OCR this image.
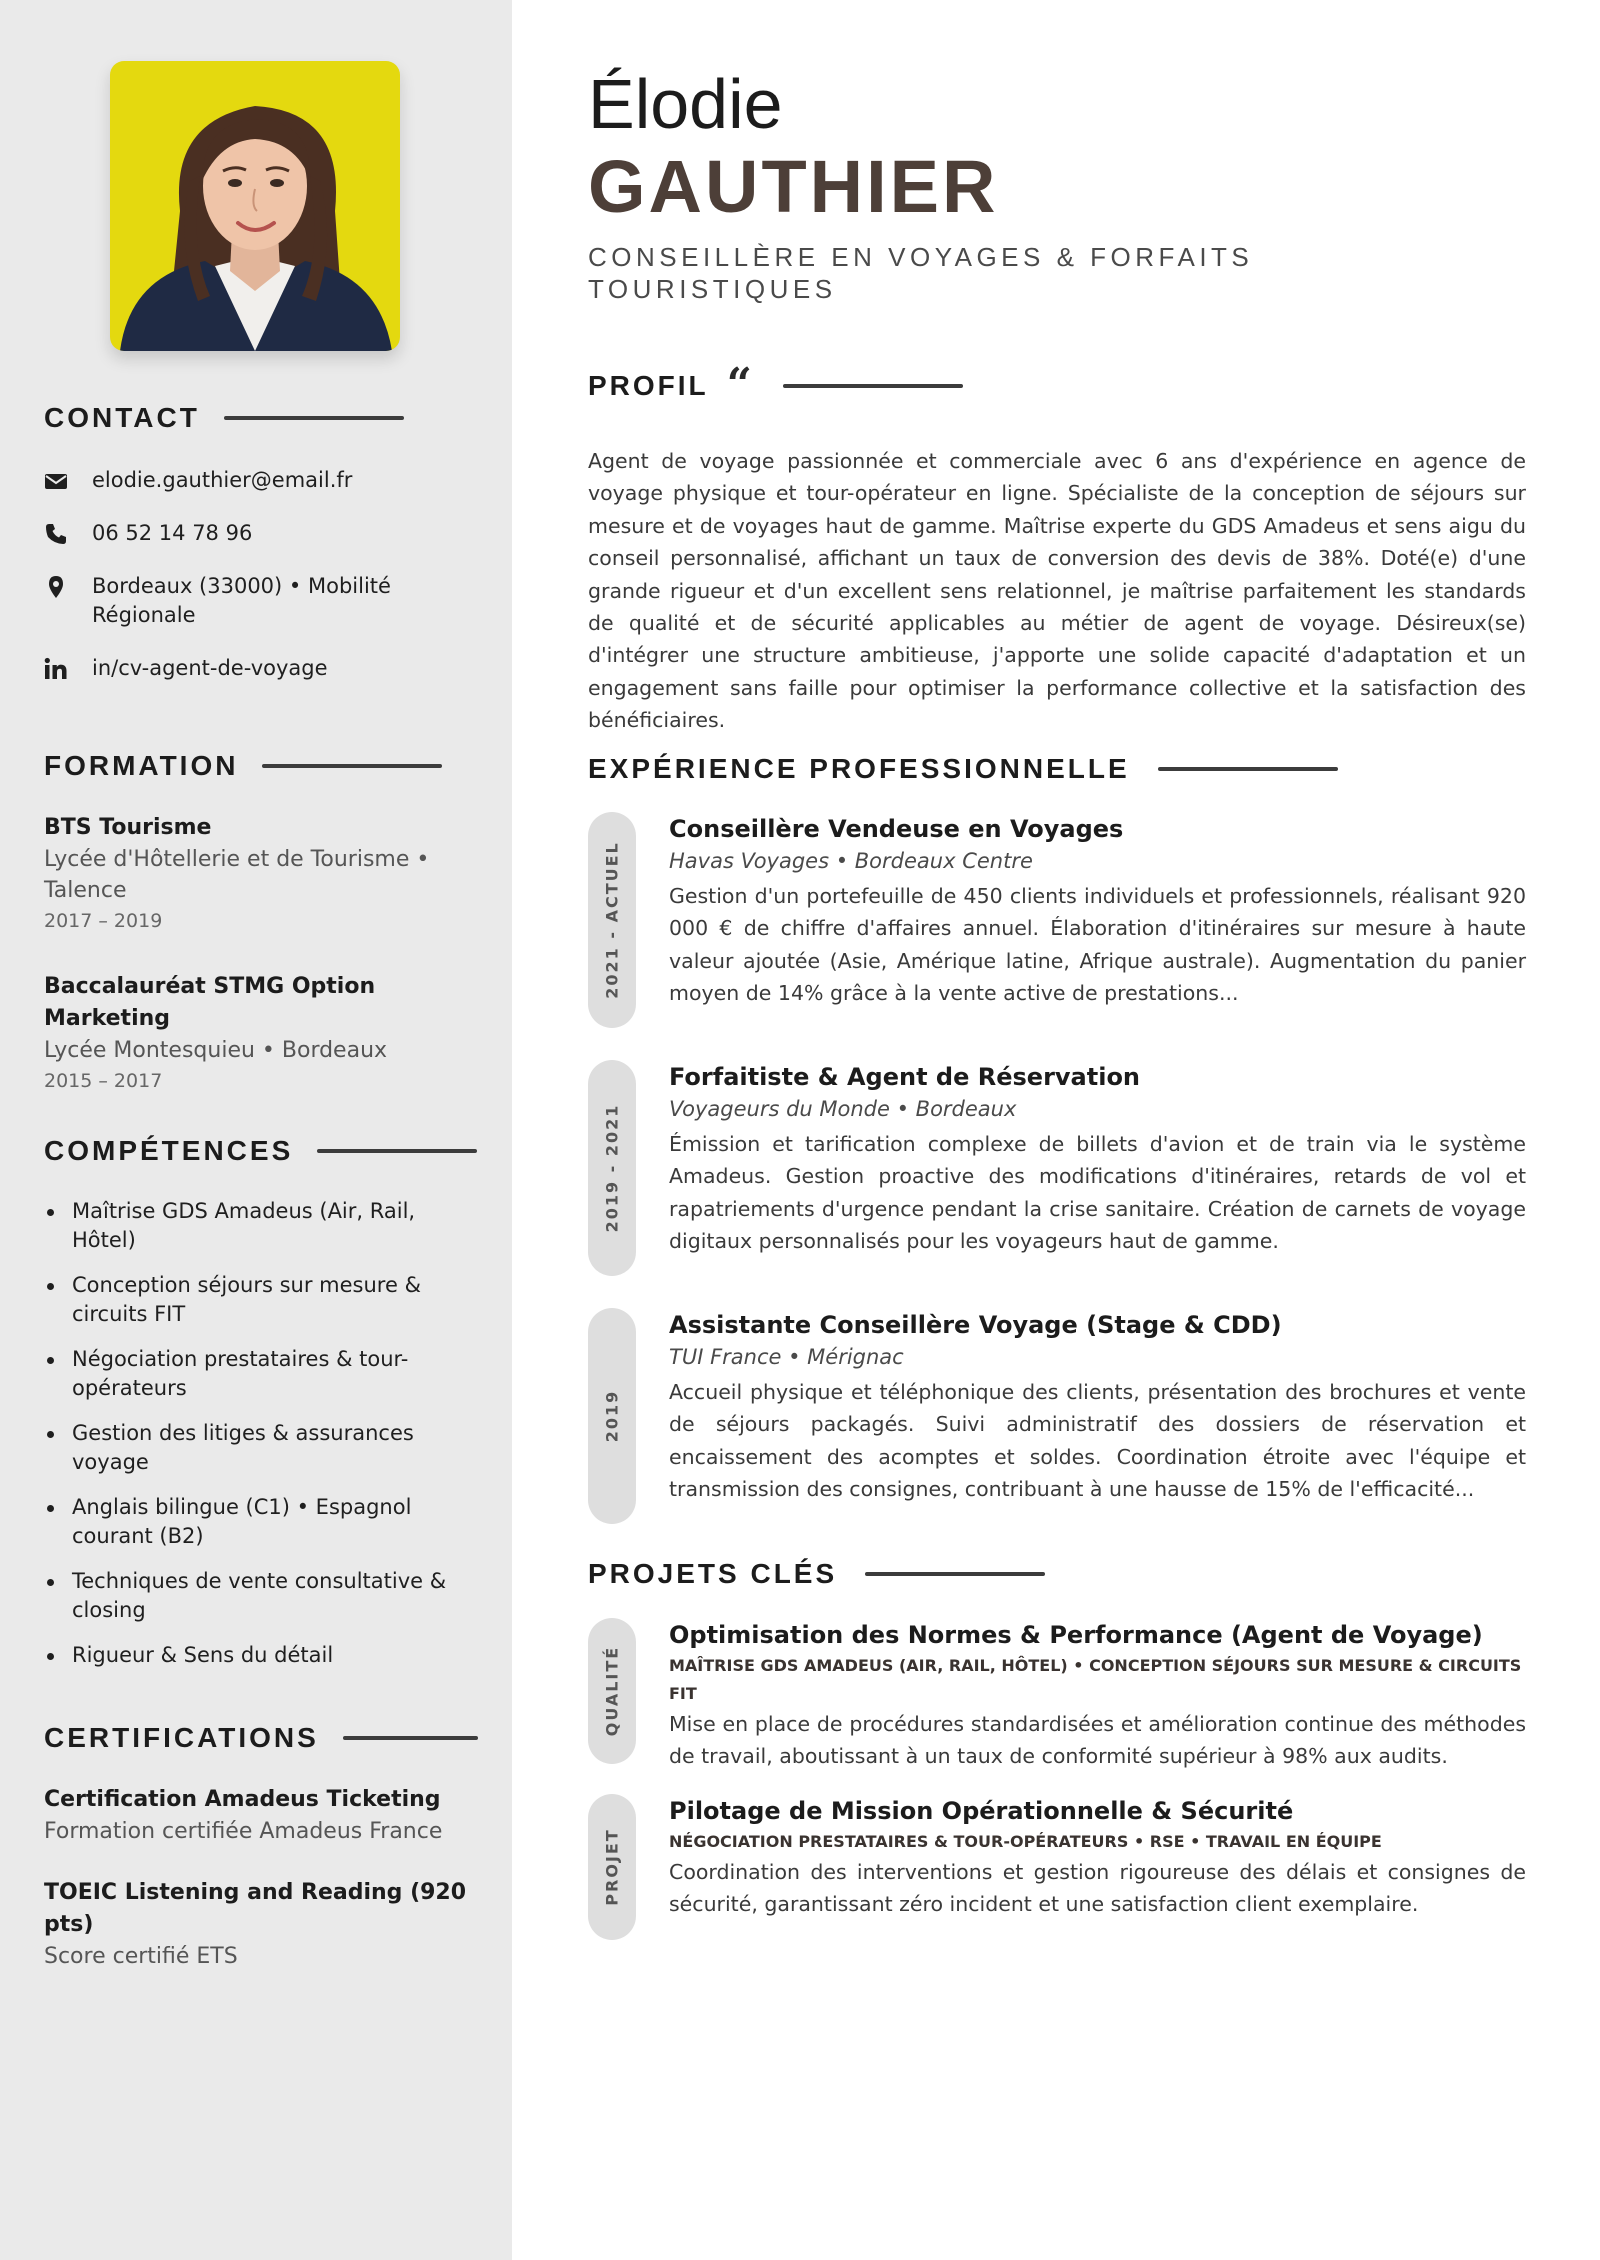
CONTACT
elodie.gauthier@email.fr
06 52 14 78 96
Bordeaux (33000) • Mobilité Régionale
in/cv-agent-de-voyage
FORMATION
BTS Tourisme
Lycée d'Hôtellerie et de Tourisme • Talence
2017 – 2019
Baccalauréat STMG Option Marketing
Lycée Montesquieu • Bordeaux
2015 – 2017
COMPÉTENCES
Maîtrise GDS Amadeus (Air, Rail, Hôtel)
Conception séjours sur mesure & circuits FIT
Négociation prestataires & tour-opérateurs
Gestion des litiges & assurances voyage
Anglais bilingue (C1) • Espagnol courant (B2)
Techniques de vente consultative & closing
Rigueur & Sens du détail
CERTIFICATIONS
Certification Amadeus Ticketing
Formation certifiée Amadeus France
TOEIC Listening and Reading (920 pts)
Score certifié ETS
Élodie
GAUTHIER
CONSEILLÈRE EN VOYAGES & FORFAITS TOURISTIQUES
PROFIL “
Agent de voyage passionnée et commerciale avec 6 ans d'expérience en agence de voyage physique et tour-opérateur en ligne. Spécialiste de la conception de séjours sur mesure et de voyages haut de gamme. Maîtrise experte du GDS Amadeus et sens aigu du conseil personnalisé, affichant un taux de conversion des devis de 38%. Doté(e) d'une grande rigueur et d'un excellent sens relationnel, je maîtrise parfaitement les standards de qualité et de sécurité applicables au métier de agent de voyage. Désireux(se) d'intégrer une structure ambitieuse, j'apporte une solide capacité d'adaptation et un engagement sans faille pour optimiser la performance collective et la satisfaction des bénéficiaires.
EXPÉRIENCE PROFESSIONNELLE
2021 - ACTUEL
Conseillère Vendeuse en Voyages
Havas Voyages • Bordeaux Centre
Gestion d'un portefeuille de 450 clients individuels et professionnels, réalisant 920 000 € de chiffre d'affaires annuel. Élaboration d'itinéraires sur mesure à haute valeur ajoutée (Asie, Amérique latine, Afrique australe). Augmentation du panier moyen de 14% grâce à la vente active de prestations...
2019 - 2021
Forfaitiste & Agent de Réservation
Voyageurs du Monde • Bordeaux
Émission et tarification complexe de billets d'avion et de train via le système Amadeus. Gestion proactive des modifications d'itinéraires, retards de vol et rapatriements d'urgence pendant la crise sanitaire. Création de carnets de voyage digitaux personnalisés pour les voyageurs haut de gamme.
2019
Assistante Conseillère Voyage (Stage & CDD)
TUI France • Mérignac
Accueil physique et téléphonique des clients, présentation des brochures et vente de séjours packagés. Suivi administratif des dossiers de réservation et encaissement des acomptes et soldes. Coordination étroite avec l'équipe et transmission des consignes, contribuant à une hausse de 15% de l'efficacité...
PROJETS CLÉS
QUALITÉ
Optimisation des Normes & Performance (Agent de Voyage)
MAÎTRISE GDS AMADEUS (AIR, RAIL, HÔTEL) • CONCEPTION SÉJOURS SUR MESURE & CIRCUITS FIT
Mise en place de procédures standardisées et amélioration continue des méthodes de travail, aboutissant à un taux de conformité supérieur à 98% aux audits.
PROJET
Pilotage de Mission Opérationnelle & Sécurité
NÉGOCIATION PRESTATAIRES & TOUR-OPÉRATEURS • RSE • TRAVAIL EN ÉQUIPE
Coordination des interventions et gestion rigoureuse des délais et consignes de sécurité, garantissant zéro incident et une satisfaction client exemplaire.
